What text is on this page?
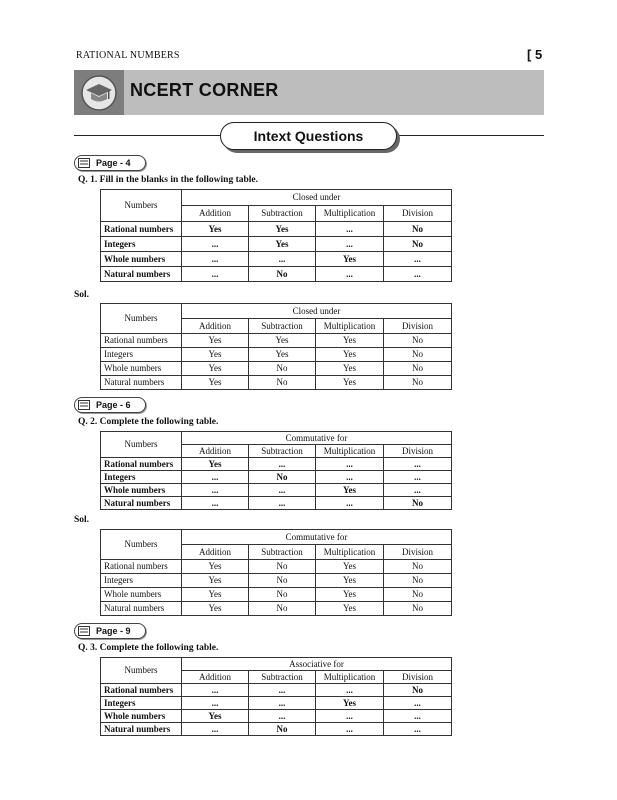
RATIONAL NUMBERS	[ 5
NCERT CORNER
Intext Questions
Page - 4
Q. 1. Fill in the blanks in the following table.
Numbers	Closed under			
	Addition	Subtraction	Multiplication	Division
Rational numbers	Yes	Yes	...	No
Integers	...	Yes	...	No
Whole numbers	...	...	Yes	...
Natural numbers	...	No	...	...
Sol.
Numbers	Closed under			
	Addition	Subtraction	Multiplication	Division
Rational numbers	Yes	Yes	Yes	No
Integers	Yes	Yes	Yes	No
Whole numbers	Yes	No	Yes	No
Natural numbers	Yes	No	Yes	No
Page - 6
Q. 2. Complete the following table.
Numbers	Commutative for			
	Addition	Subtraction	Multiplication	Division
Rational numbers	Yes	...	...	...
Integers	...	No	...	...
Whole numbers	...	...	Yes	...
Natural numbers	...	...	...	No
Sol.
Numbers	Commutative for			
	Addition	Subtraction	Multiplication	Division
Rational numbers	Yes	No	Yes	No
Integers	Yes	No	Yes	No
Whole numbers	Yes	No	Yes	No
Natural numbers	Yes	No	Yes	No
Page - 9
Q. 3. Complete the following table.
Numbers	Associative for			
	Addition	Subtraction	Multiplication	Division
Rational numbers	...	...	...	No
Integers	...	...	Yes	...
Whole numbers	Yes	...	...	...
Natural numbers	...	No	...	...
